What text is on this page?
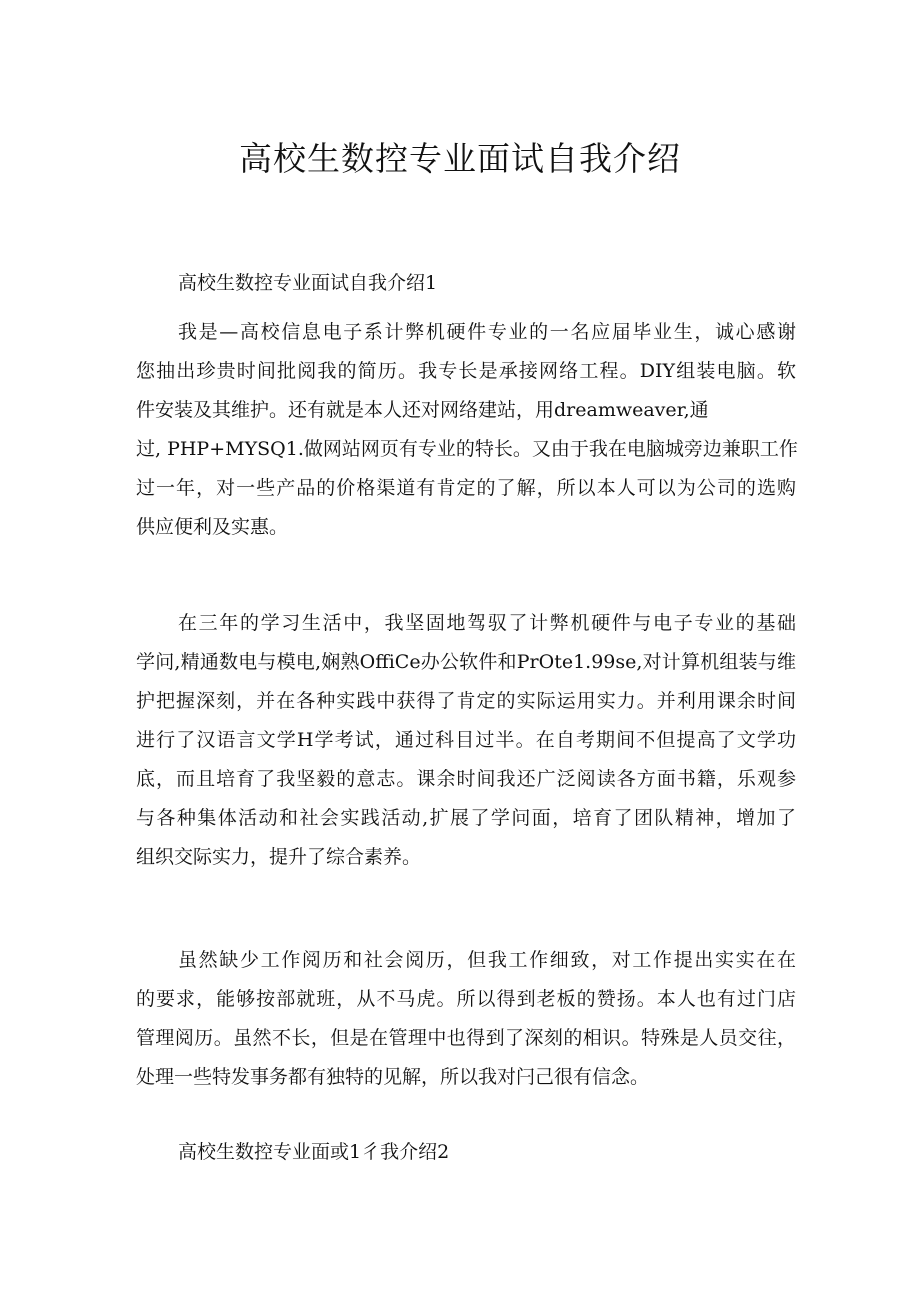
高校生数控专业面试自我介绍

高校生数控专业面试自我介绍1

我是—高校信息电子系计弊机硬件专业的一名应届毕业生，诚心感谢
您抽出珍贵时间批阅我的简历。我专长是承接网络工程。DIY组装电脑。软
件安装及其维护。还有就是本人还对网络建站，用dreamweaver,通
过, PHP+MYSQ1.做网站网页有专业的特长。又由于我在电脑城旁边兼职工作
过一年，对一些产品的价格渠道有肯定的了解，所以本人可以为公司的选购
供应便利及实惠。
在三年的学习生活中，我坚固地驾驭了计弊机硬件与电子专业的基础
学问,精通数电与模电,娴熟OffiCe办公软件和PrOte1.99se,对计算机组装与维
护把握深刻，并在各种实践中获得了肯定的实际运用实力。并利用课余时间
进行了汉语言文学H学考试，通过科目过半。在自考期间不但提高了文学功
底，而且培育了我坚毅的意志。课余时间我还广泛阅读各方面书籍，乐观参
与各种集体活动和社会实践活动,扩展了学问面，培育了团队精神，增加了
组织交际实力，提升了综合素养。
虽然缺少工作阅历和社会阅历，但我工作细致，对工作提出实实在在
的要求，能够按部就班，从不马虎。所以得到老板的赞扬。本人也有过门店
管理阅历。虽然不长，但是在管理中也得到了深刻的相识。特殊是人员交往，
处理一些特发事务都有独特的见解，所以我对闩己很有信念。

高校生数控专业面或1彳我介绍2
